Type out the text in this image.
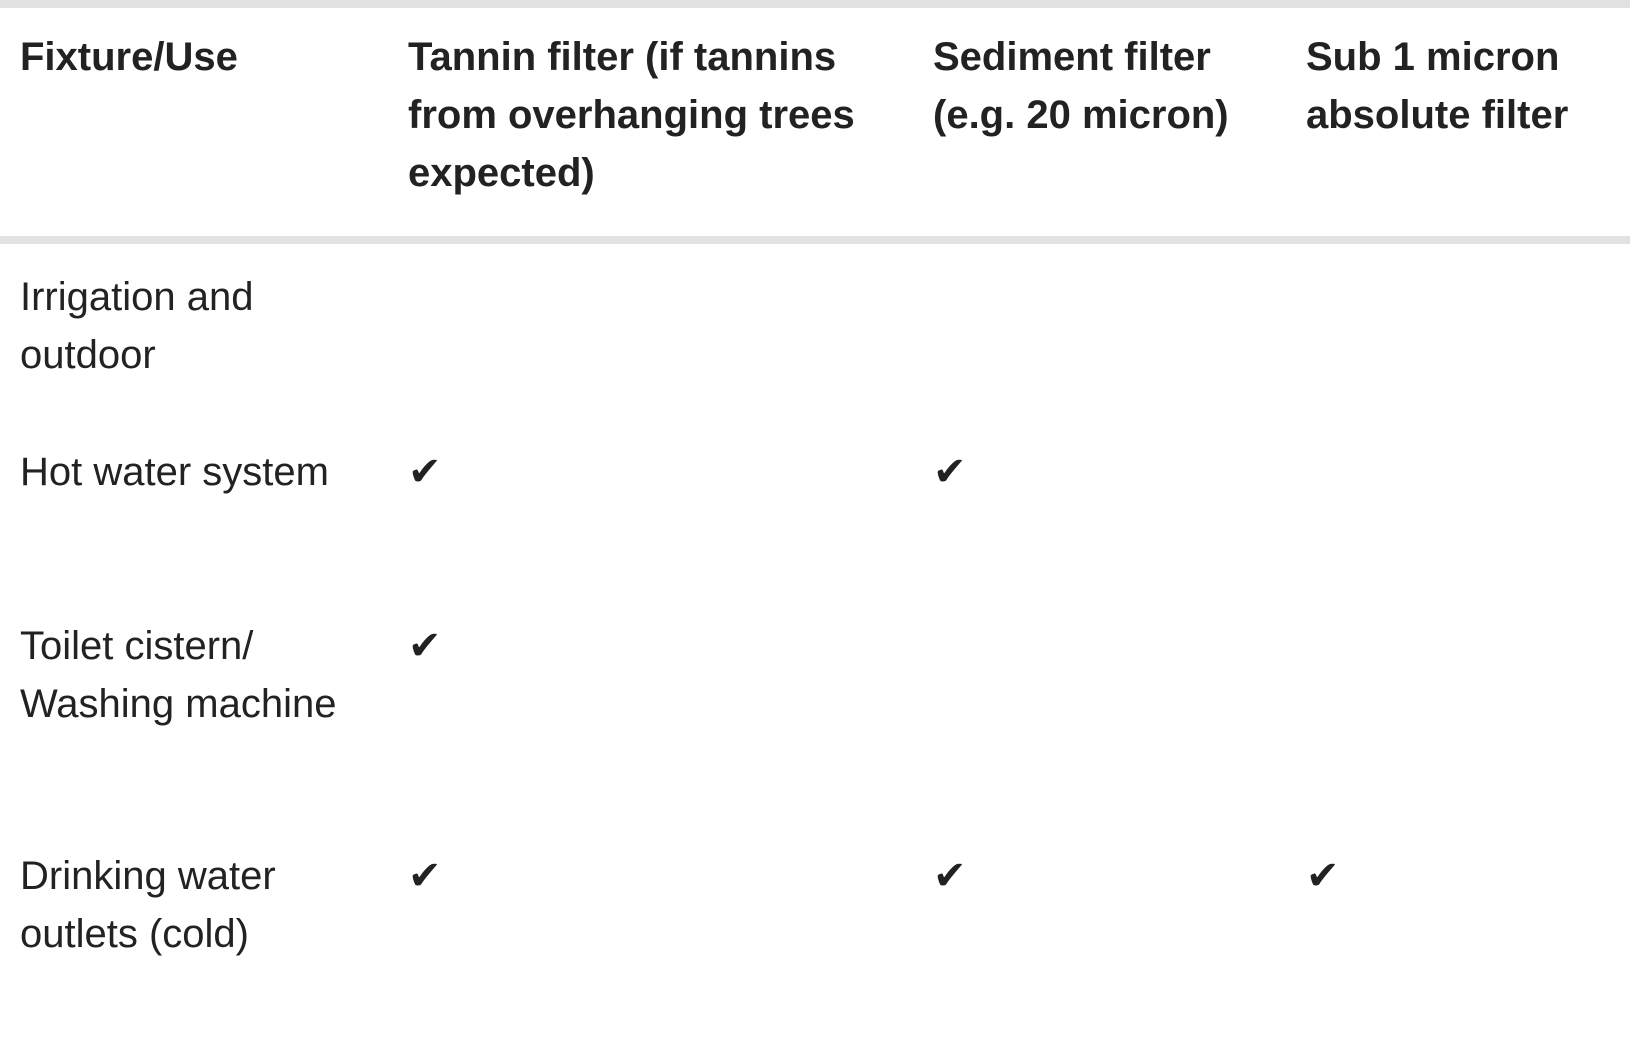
Fixture/Use	Tannin filter (if tannins from overhanging trees expected)	Sediment filter (e.g. 20 micron)	Sub 1 micron absolute filter
Irrigation and outdoor			
Hot water system	✔	✔	
Toilet cistern/ Washing machine	✔		
Drinking water outlets (cold)	✔	✔	✔
